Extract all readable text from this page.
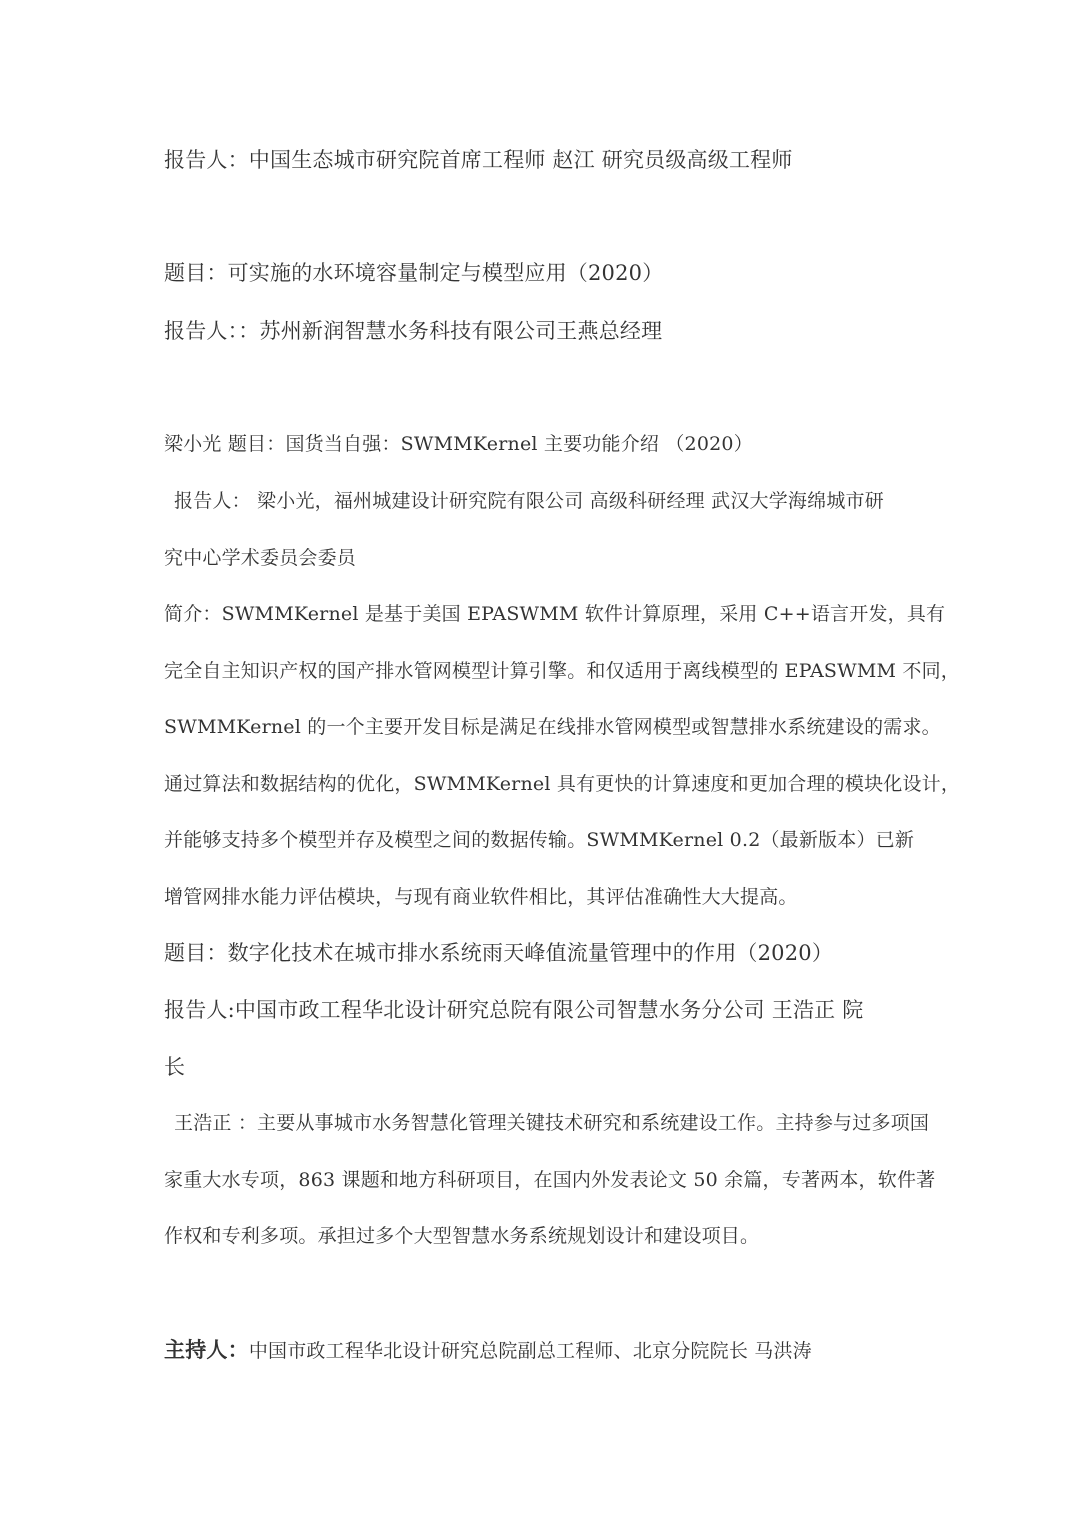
报告人：中国生态城市研究院首席工程师 赵江 研究员级高级工程师
题目：可实施的水环境容量制定与模型应用（2020）
报告人：：苏州新润智慧水务科技有限公司王燕总经理
梁小光 题目：国货当自强：SWMMKernel 主要功能介绍 （2020）
报告人： 梁小光，福州城建设计研究院有限公司 高级科研经理 武汉大学海绵城市研
究中心学术委员会委员
简介：SWMMKernel 是基于美国 EPASWMM 软件计算原理，采用 C++语言开发，具有
完全自主知识产权的国产排水管网模型计算引擎。和仅适用于离线模型的 EPASWMM 不同，
SWMMKernel 的一个主要开发目标是满足在线排水管网模型或智慧排水系统建设的需求。
通过算法和数据结构的优化，SWMMKernel 具有更快的计算速度和更加合理的模块化设计，
并能够支持多个模型并存及模型之间的数据传输。SWMMKernel 0.2（最新版本）已新
增管网排水能力评估模块，与现有商业软件相比，其评估准确性大大提高。
题目：数字化技术在城市排水系统雨天峰值流量管理中的作用（2020）
报告人:中国市政工程华北设计研究总院有限公司智慧水务分公司 王浩正 院
长
王浩正 ：主要从事城市水务智慧化管理关键技术研究和系统建设工作。主持参与过多项国
家重大水专项，863 课题和地方科研项目，在国内外发表论文 50 余篇，专著两本，软件著
作权和专利多项。承担过多个大型智慧水务系统规划设计和建设项目。
主持人：中国市政工程华北设计研究总院副总工程师、北京分院院长 马洪涛
